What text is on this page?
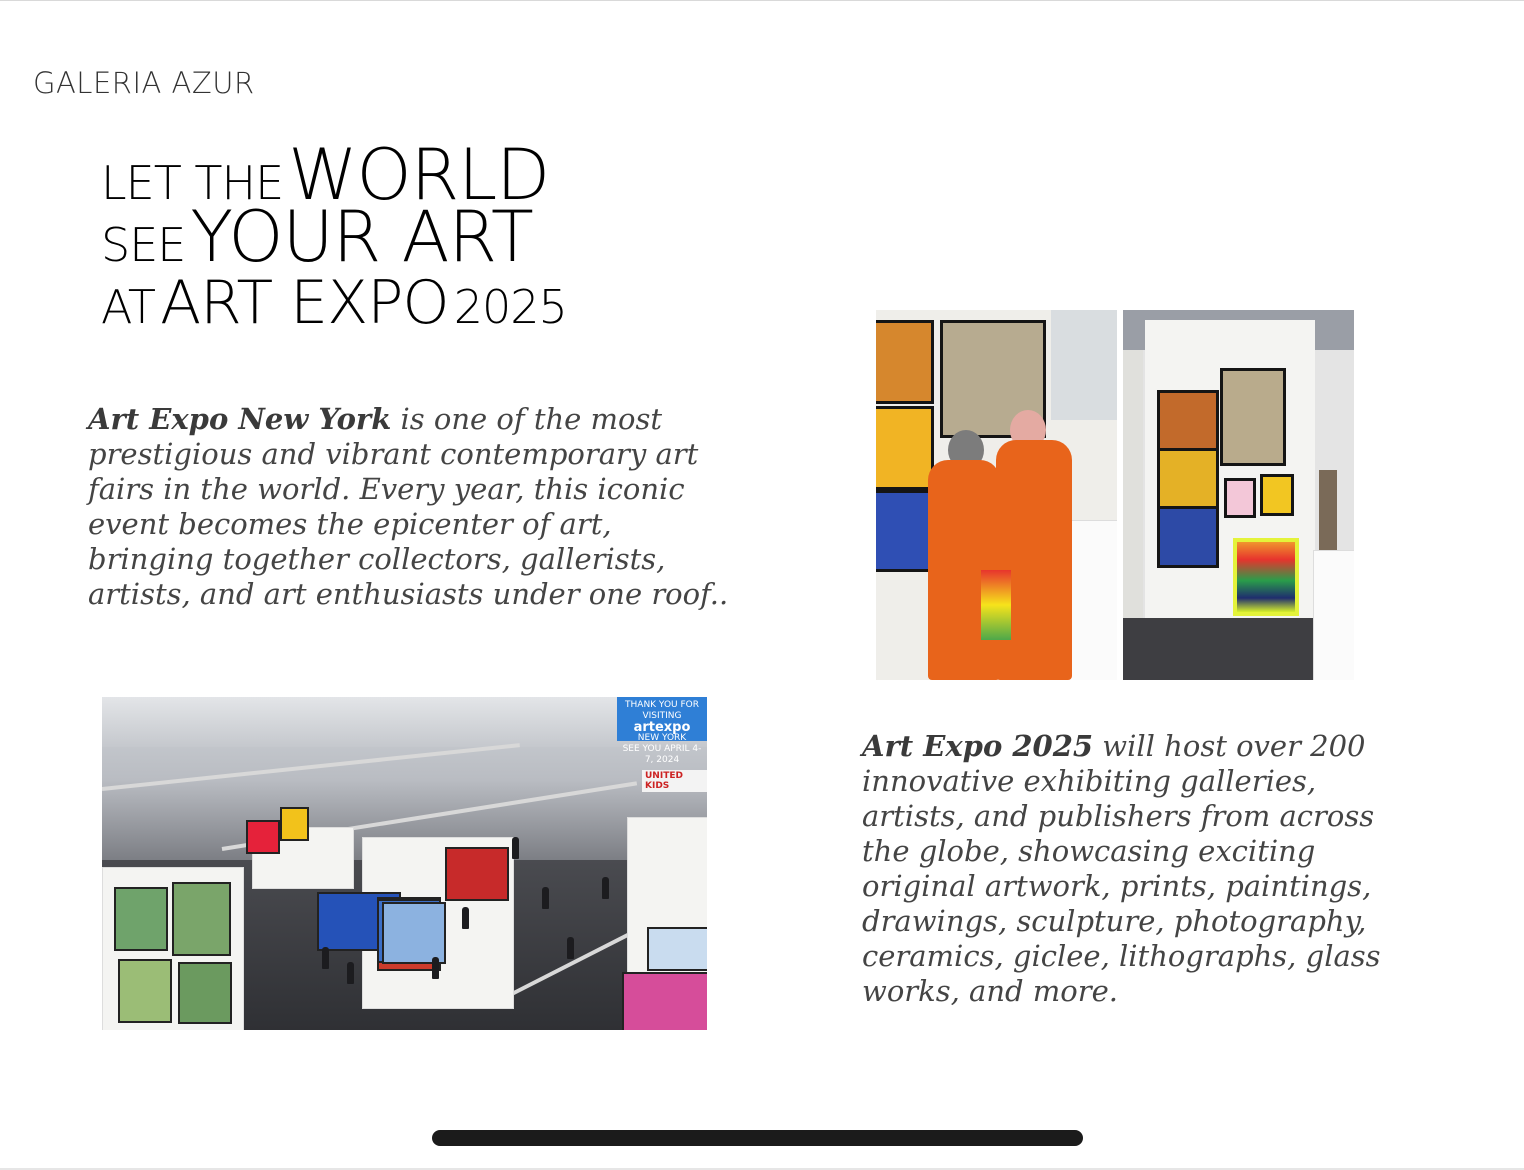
GALERIA AZUR
LET THE WORLD
SEE YOUR ART
AT ART EXPO 2025

Art Expo New York is one of the most prestigious and vibrant contemporary art fairs in the world. Every year, this iconic event becomes the epicenter of art, bringing together collectors, gallerists, artists, and art enthusiasts under one roof..

THANK YOU FOR VISITING
artexpo
NEW YORK
SEE YOU APRIL 4-7, 2024
UNITED KIDS

Art Expo 2025 will host over 200 innovative exhibiting galleries, artists, and publishers from across the globe, showcasing exciting original artwork, prints, paintings, drawings, sculpture, photography, ceramics, giclee, lithographs, glass works, and more.
